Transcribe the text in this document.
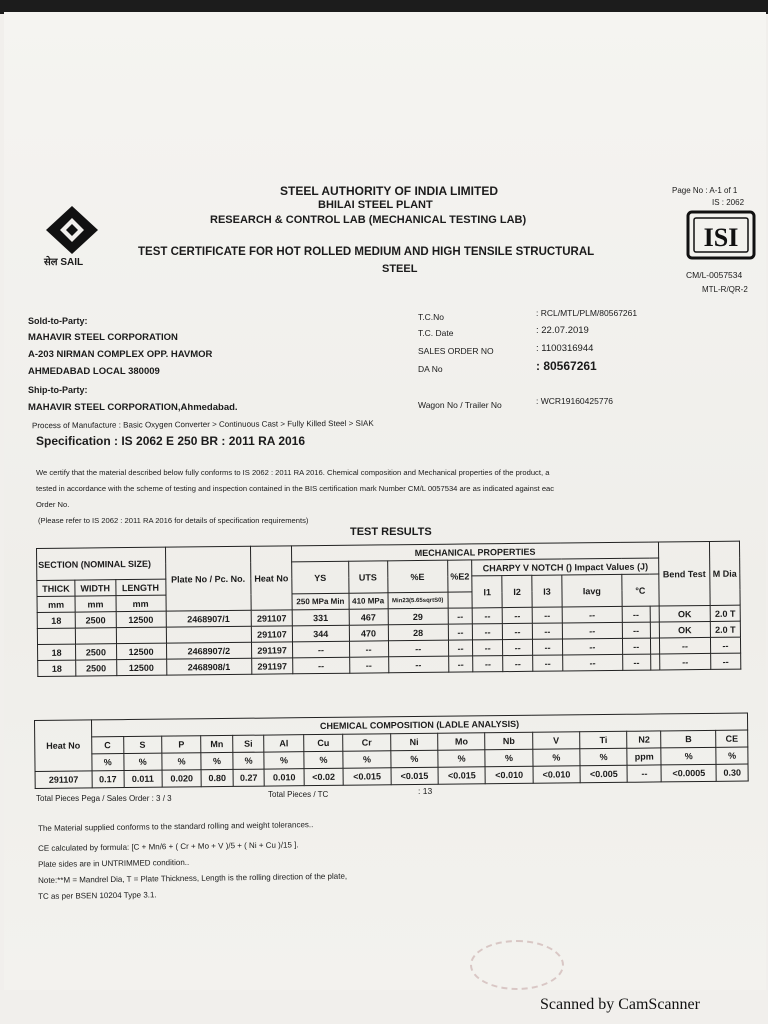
सेल SAIL
STEEL AUTHORITY OF INDIA LIMITED
BHILAI STEEL PLANT
RESEARCH & CONTROL LAB (MECHANICAL TESTING LAB)
TEST CERTIFICATE FOR HOT ROLLED MEDIUM AND HIGH TENSILE STRUCTURAL
STEEL
Page No : A-1 of 1
IS : 2062
ISI
CM/L-0057534
MTL-R/QR-2
Sold-to-Party:
MAHAVIR STEEL CORPORATION
A-203 NIRMAN COMPLEX OPP. HAVMOR
AHMEDABAD LOCAL 380009
Ship-to-Party:
MAHAVIR STEEL CORPORATION,Ahmedabad.
T.C.No	: RCL/MTL/PLM/80567261
T.C. Date	: 22.07.2019
SALES ORDER NO	: 1100316944
DA No	: 80567261
Wagon No / Trailer No	: WCR19160425776
Process of Manufacture : Basic Oxygen Converter > Continuous Cast > Fully Killed Steel > SIAK
Specification : IS 2062 E 250 BR : 2011 RA 2016
We certify that the material described below fully conforms to IS 2062 : 2011 RA 2016. Chemical composition and Mechanical properties of the product, a
tested in accordance with the scheme of testing and inspection contained in the BIS certification mark Number CM/L 0057534 are as indicated against eac
Order No.
(Please refer to IS 2062 : 2011 RA 2016 for details of specification requirements)
TEST RESULTS
SECTION (NOMINAL SIZE)			Plate No / Pc. No.	Heat No	MECHANICAL PROPERTIES										Bend Test	M Dia
					YS	UTS	%E	%E2	CHARPY V NOTCH () Impact Values (J)							
THICK	WIDTH	LENGTH							I1	I2	I3	Iavg	°C			
mm	mm	mm			250 MPa Min	410 MPa	Min23(5.65sqrtS0)									
18	2500	12500	2468907/1	291107	331	467	29	--	--	--	--	--	--		OK	2.0 T
				291107	344	470	28	--	--	--	--	--	--		OK	2.0 T
18	2500	12500	2468907/2	291197	--	--	--	--	--	--	--	--	--		--	--
18	2500	12500	2468908/1	291197	--	--	--	--	--	--	--	--	--		--	--
Heat No	CHEMICAL COMPOSITION (LADLE ANALYSIS)															
	C	S	P	Mn	Si	Al	Cu	Cr	Ni	Mo	Nb	V	Ti	N2	B	CE
	%	%	%	%	%	%	%	%	%	%	%	%	%	ppm	%	%
291107	0.17	0.011	0.020	0.80	0.27	0.010	<0.02	<0.015	<0.015	<0.015	<0.010	<0.010	<0.005	--	<0.0005	0.30
Total Pieces Pega / Sales Order : 3 / 3	Total Pieces / TC	: 13
The Material supplied conforms to the standard rolling and weight tolerances..
CE calculated by formula: [C + Mn/6 + ( Cr + Mo + V )/5 + ( Ni + Cu )/15 ].
Plate sides are in UNTRIMMED condition..
Note:**M = Mandrel Dia, T = Plate Thickness, Length is the rolling direction of the plate,
TC as per BSEN 10204 Type 3.1.
Scanned by CamScanner
